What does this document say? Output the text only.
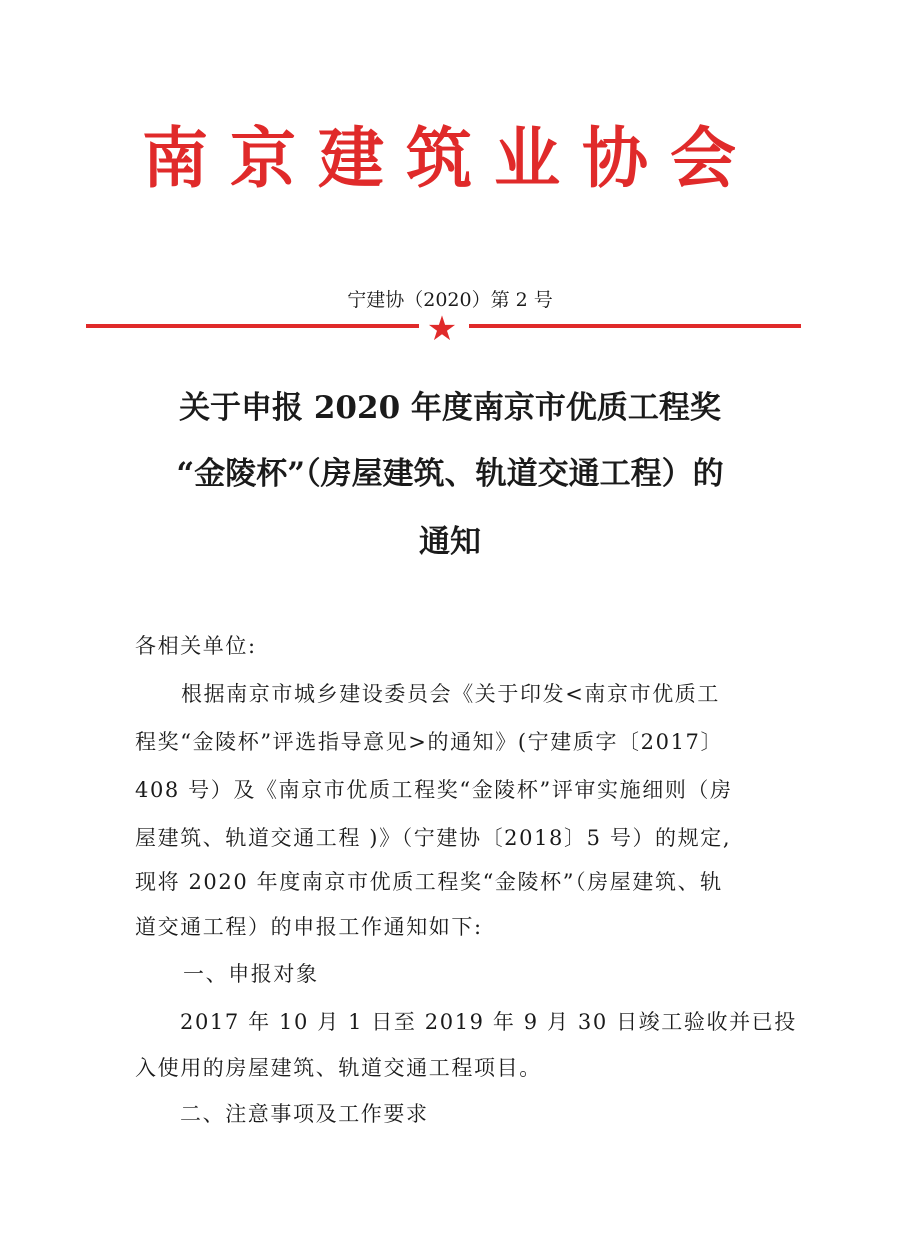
南京建筑业协会
宁建协（2020）第 2 号
★
关于申报 2020 年度南京市优质工程奖
“金陵杯”（房屋建筑、轨道交通工程）的
通知
各相关单位:
根据南京市城乡建设委员会《关于印发<南京市优质工
程奖“金陵杯”评选指导意见>的通知》(宁建质字〔2017〕
408 号）及《南京市优质工程奖“金陵杯”评审实施细则（房
屋建筑、轨道交通工程 )》（宁建协〔2018〕5 号）的规定,
现将 2020 年度南京市优质工程奖“金陵杯”（房屋建筑、轨
道交通工程）的申报工作通知如下:
一、申报对象
2017 年 10 月 1 日至 2019 年 9 月 30 日竣工验收并已投
入使用的房屋建筑、轨道交通工程项目。
二、注意事项及工作要求
